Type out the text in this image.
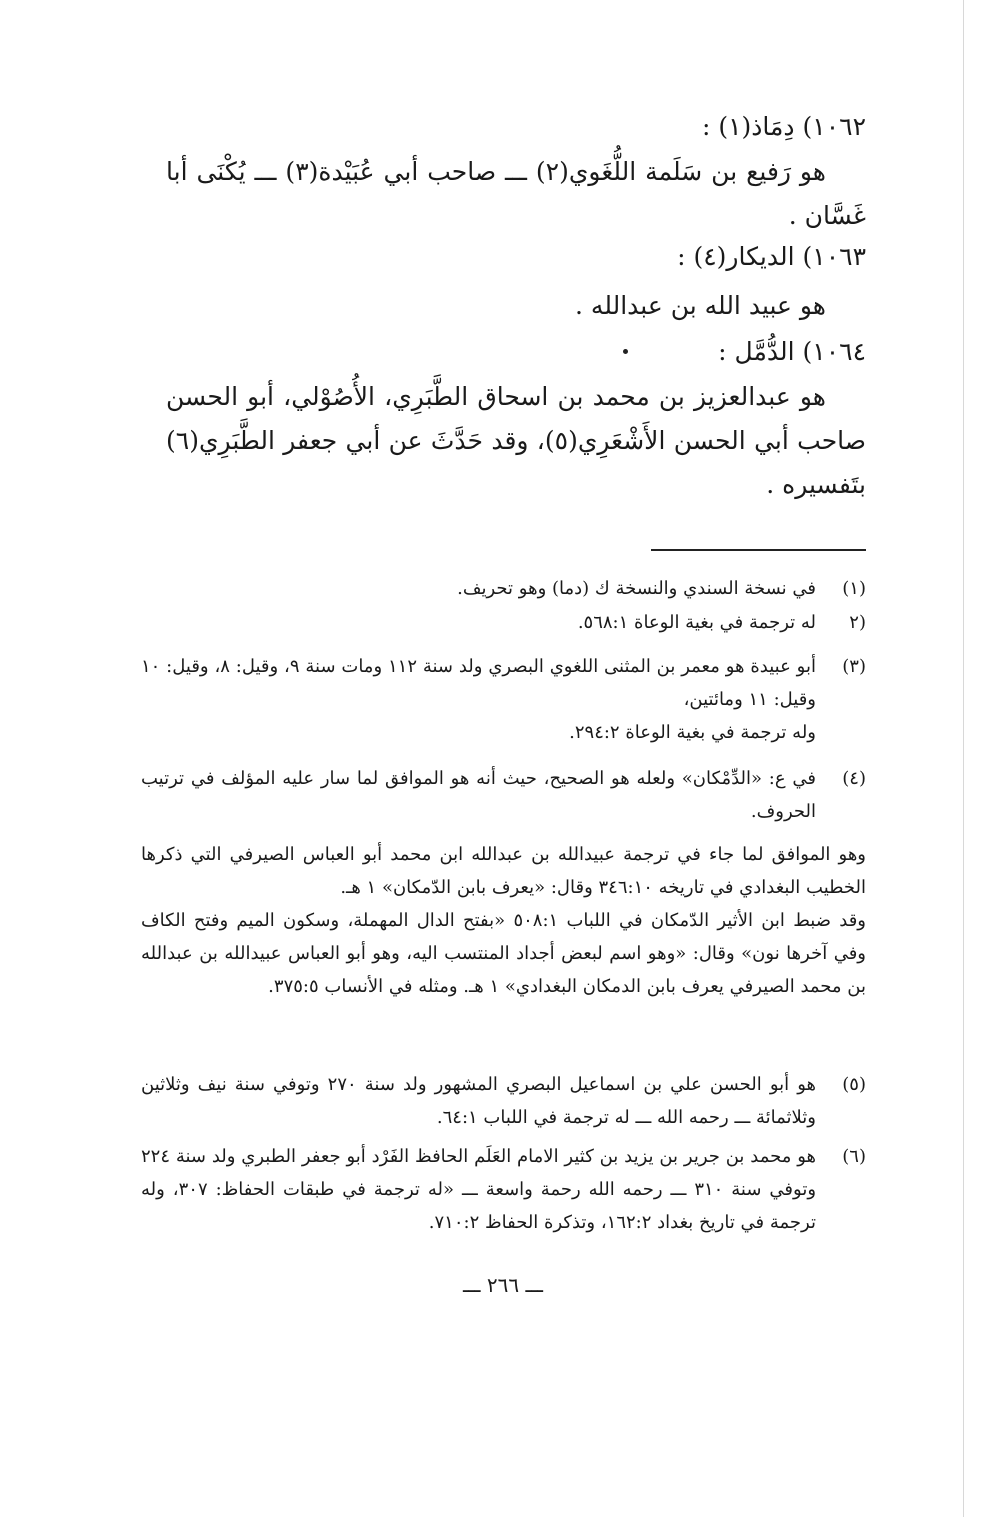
١٠٦٢) دِمَاذ(١) :
هو رَفيع بن سَلَمة اللُّغَوي(٢) ـــ صاحب أبي عُبَيْدة(٣) ـــ يُكْنَى أبا غَسَّان .
١٠٦٣) الديكار(٤) :
هو عبيد الله بن عبدالله .
١٠٦٤) الدُّمَّل :
هو عبدالعزيز بن محمد بن اسحاق الطَّبَرِي، الأُصُوْلي، أبو الحسن صاحب أبي الحسن الأَشْعَرِي(٥)، وقد حَدَّثَ عن أبي جعفر الطَّبَرِي(٦) بتَفسيره .
(١)
في نسخة السندي والنسخة ك (دما) وهو تحريف.
(٢
له ترجمة في بغية الوعاة ٥٦٨:١.
(٣)
أبو عبيدة هو معمر بن المثنى اللغوي البصري ولد سنة ١١٢ ومات سنة ٩، وقيل: ٨، وقيل: ١٠ وقيل: ١١ ومائتين،
وله ترجمة في بغية الوعاة ٢٩٤:٢.
(٤)
في ع: «الدِّمْكان» ولعله هو الصحيح، حيث أنه هو الموافق لما سار عليه المؤلف في ترتيب الحروف.
وهو الموافق لما جاء في ترجمة عبيدالله بن عبدالله ابن محمد أبو العباس الصيرفي التي ذكرها الخطيب البغدادي في تاريخه ٣٤٦:١٠ وقال: «يعرف بابن الدّمكان» ١ هـ.
وقد ضبط ابن الأثير الدّمكان في اللباب ٥٠٨:١ «بفتح الدال المهملة، وسكون الميم وفتح الكاف وفي آخرها نون» وقال: «وهو اسم لبعض أجداد المنتسب اليه، وهو أبو العباس عبيدالله بن عبدالله بن محمد الصيرفي يعرف بابن الدمكان البغدادي» ١ هـ. ومثله في الأنساب ٣٧٥:٥.
(٥)
هو أبو الحسن علي بن اسماعيل البصري المشهور ولد سنة ٢٧٠ وتوفي سنة نيف وثلاثين وثلاثمائة ـــ رحمه الله ـــ له ترجمة في اللباب ٦٤:١.
(٦)
هو محمد بن جرير بن يزيد بن كثير الامام العَلَم الحافظ الفَرْد أبو جعفر الطبري ولد سنة ٢٢٤ وتوفي سنة ٣١٠ ـــ رحمه الله رحمة واسعة ـــ «له ترجمة في طبقات الحفاظ: ٣٠٧، وله ترجمة في تاريخ بغداد ١٦٢:٢، وتذكرة الحفاظ ٧١٠:٢.
ـــ ٢٦٦ ـــ
